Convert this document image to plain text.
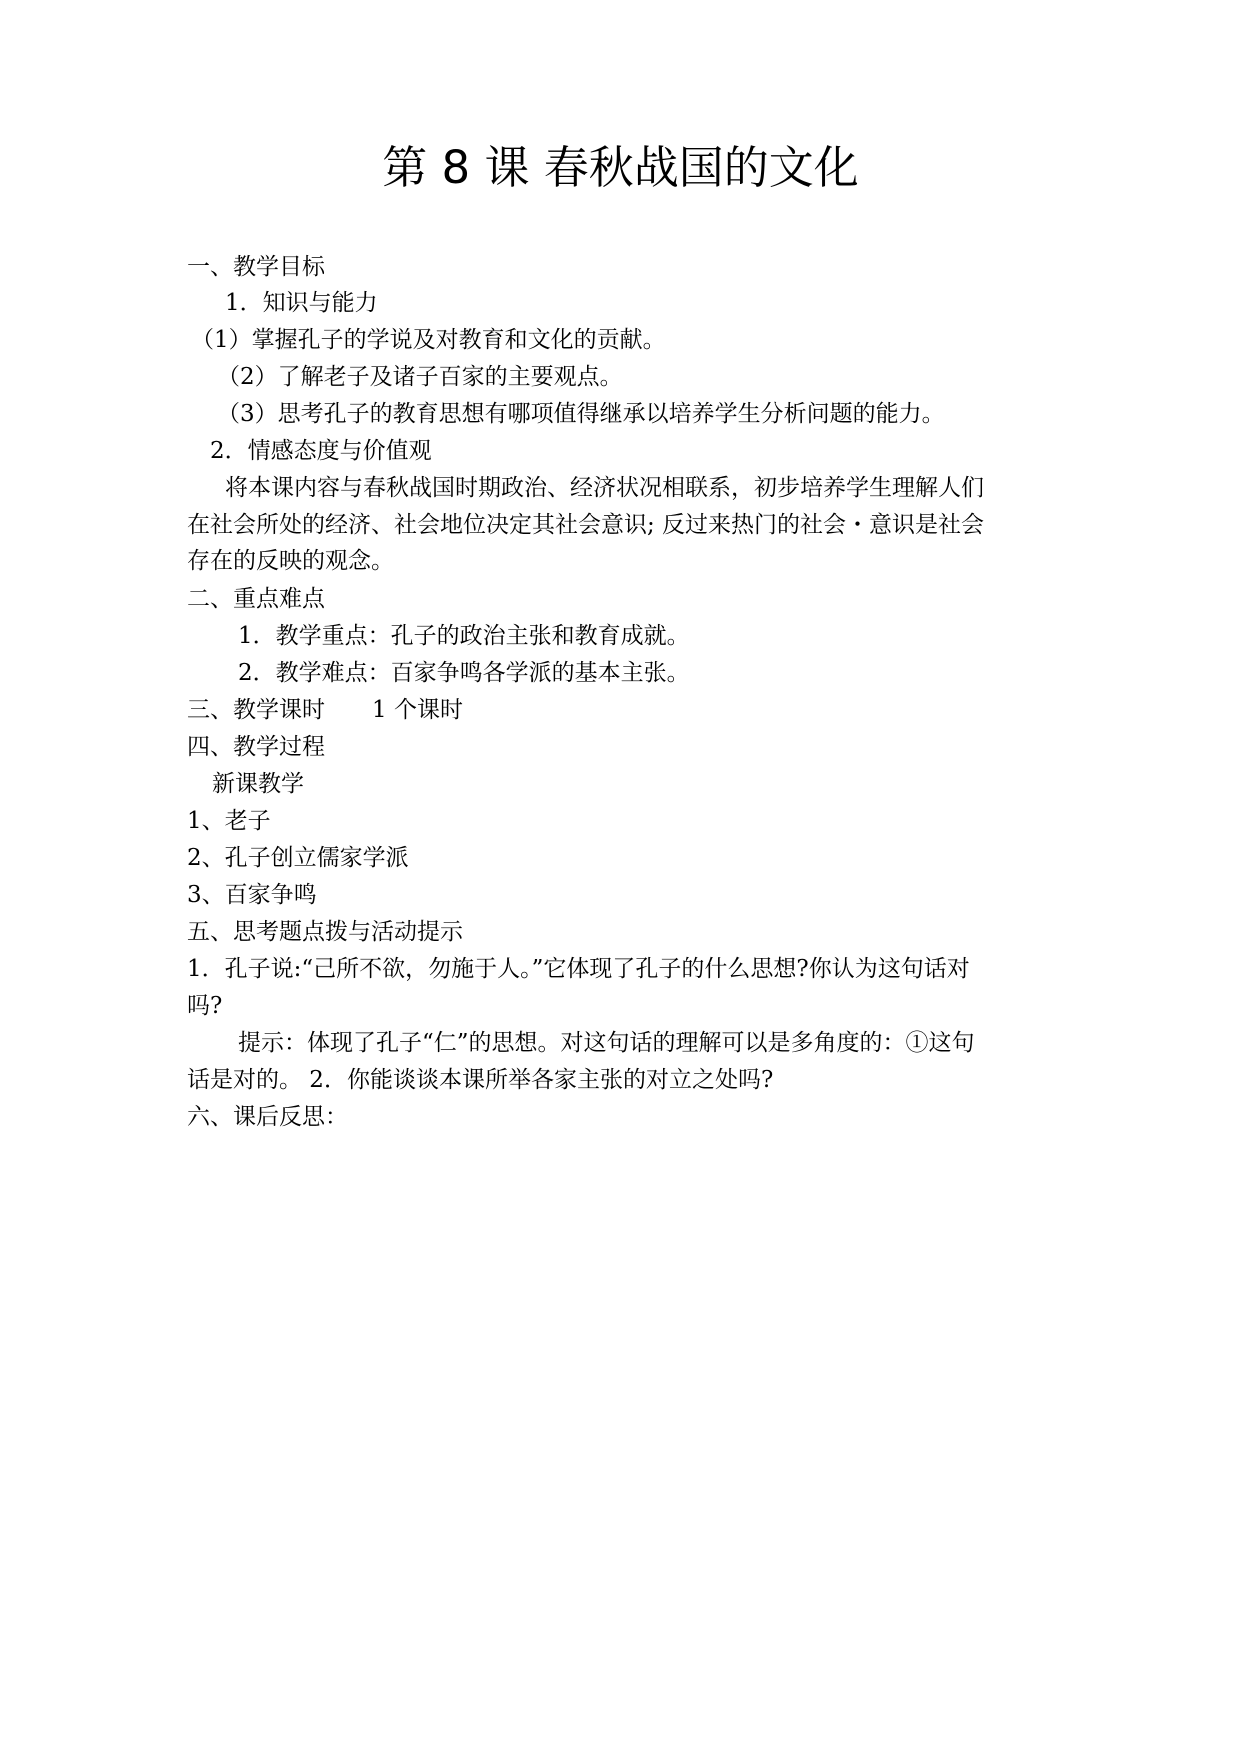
第 8 课 春秋战国的文化
一、教学目标
1．知识与能力
（1）掌握孔子的学说及对教育和文化的贡献。
（2）了解老子及诸子百家的主要观点。
（3）思考孔子的教育思想有哪项值得继承以培养学生分析问题的能力。
2．情感态度与价值观
将本课内容与春秋战国时期政治、经济状况相联系，初步培养学生理解人们
在社会所处的经济、社会地位决定其社会意识; 反过来热门的社会・意识是社会
存在的反映的观念。
二、重点难点
1．教学重点：孔子的政治主张和教育成就。
2．教学难点：百家争鸣各学派的基本主张。
三、教学课时 1 个课时
四、教学过程
新课教学
1、老子
2、孔子创立儒家学派
3、百家争鸣
五、思考题点拨与活动提示
1．孔子说:“己所不欲，勿施于人。”它体现了孔子的什么思想?你认为这句话对
吗?
提示：体现了孔子“仁”的思想。对这句话的理解可以是多角度的：①这句
话是对的。 2．你能谈谈本课所举各家主张的对立之处吗?
六、课后反思：
